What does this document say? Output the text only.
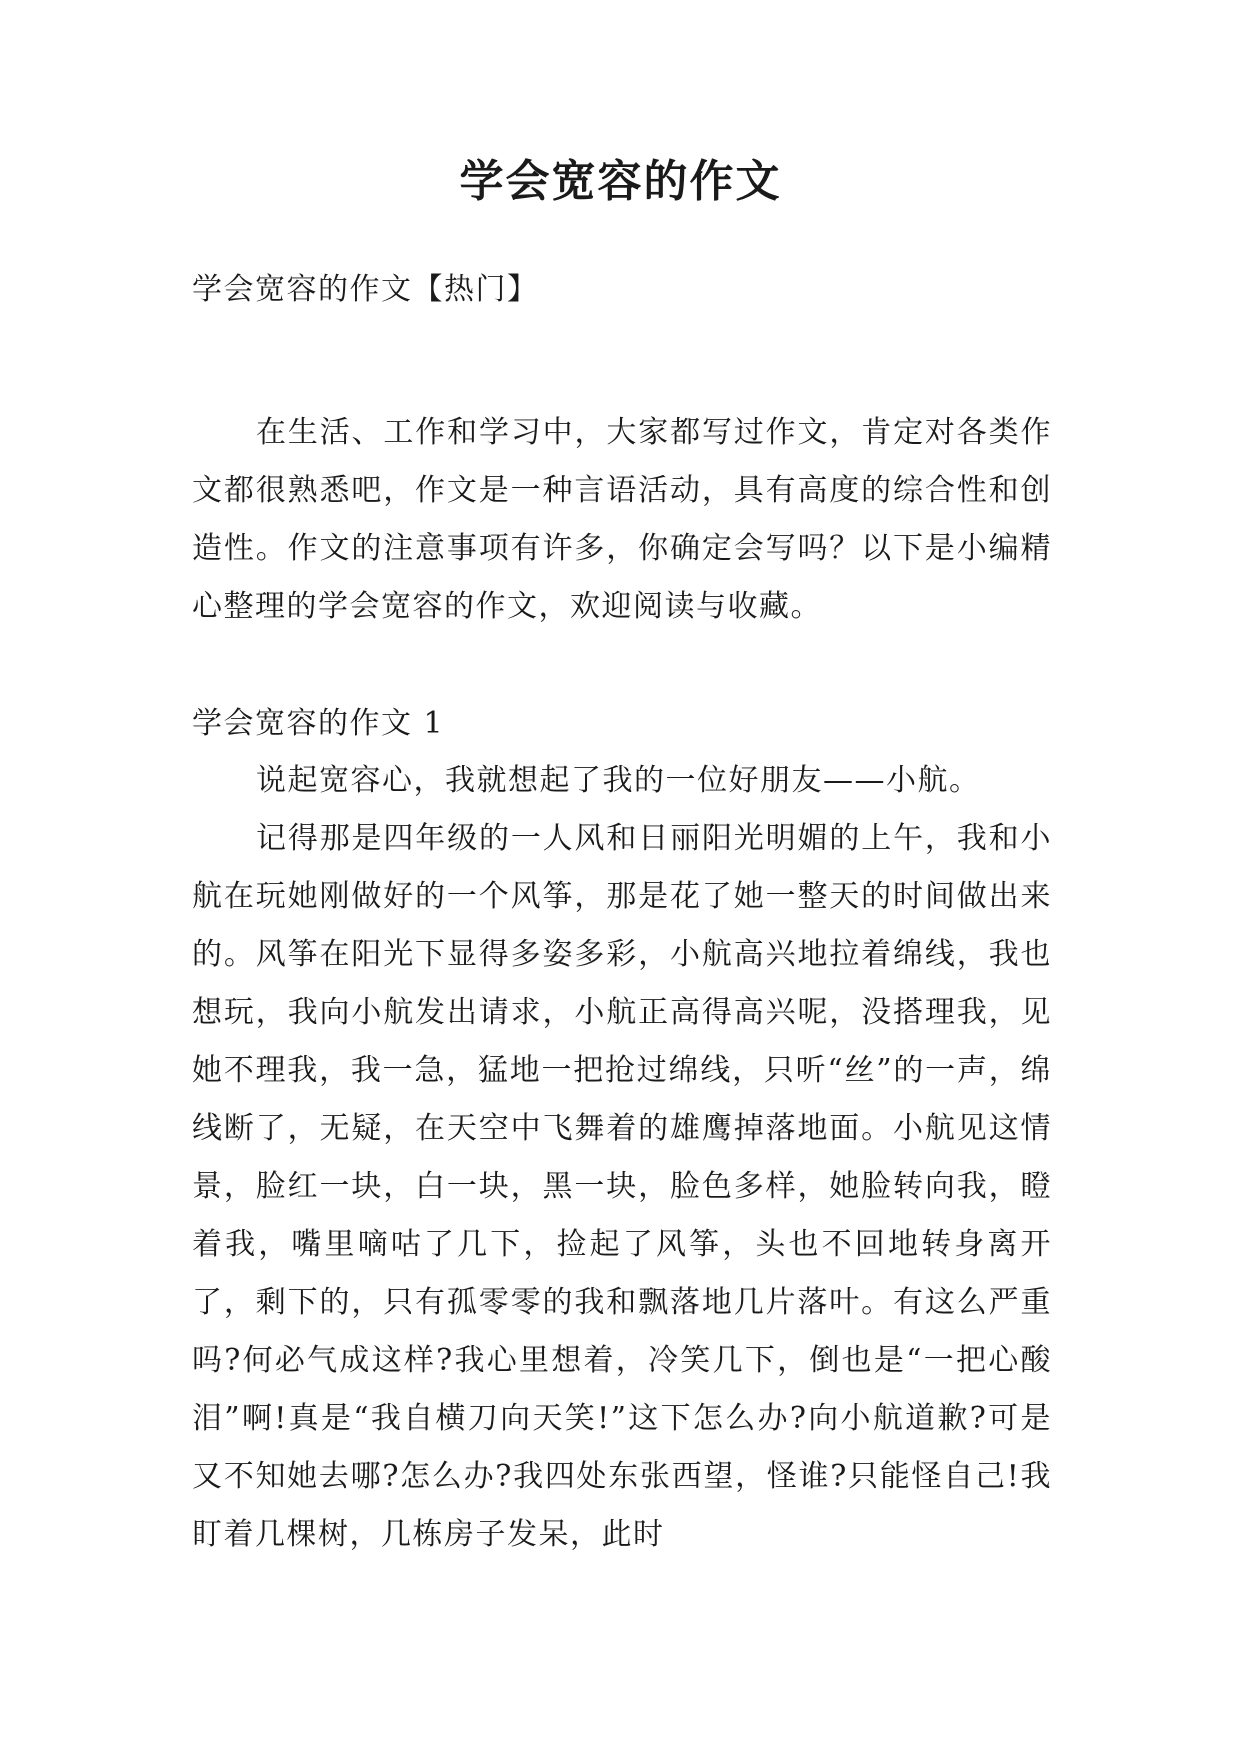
学会宽容的作文

学会宽容的作文【热门】

在生活、工作和学习中，大家都写过作文，肯定对各类作文都很熟悉吧，作文是一种言语活动，具有高度的综合性和创造性。作文的注意事项有许多，你确定会写吗？以下是小编精心整理的学会宽容的作文，欢迎阅读与收藏。

学会宽容的作文 1

说起宽容心，我就想起了我的一位好朋友——小航。

记得那是四年级的一人风和日丽阳光明媚的上午，我和小航在玩她刚做好的一个风筝，那是花了她一整天的时间做出来的。风筝在阳光下显得多姿多彩，小航高兴地拉着绵线，我也想玩，我向小航发出请求，小航正高得高兴呢，没搭理我，见她不理我，我一急，猛地一把抢过绵线，只听“丝”的一声，绵线断了，无疑，在天空中飞舞着的雄鹰掉落地面。小航见这情景，脸红一块，白一块，黑一块，脸色多样，她脸转向我，瞪着我，嘴里嘀咕了几下，捡起了风筝，头也不回地转身离开了，剩下的，只有孤零零的我和飘落地几片落叶。有这么严重吗?何必气成这样?我心里想着，冷笑几下，倒也是“一把心酸泪”啊!真是“我自横刀向天笑!”这下怎么办?向小航道歉?可是又不知她去哪?怎么办?我四处东张西望，怪谁?只能怪自己!我盯着几棵树，几栋房子发呆，此时
